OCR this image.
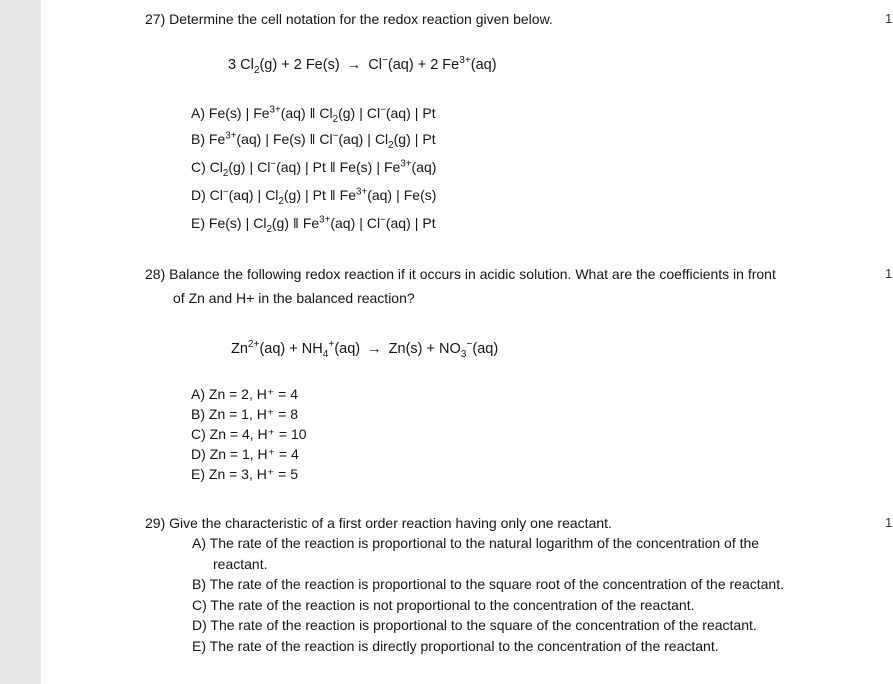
27) Determine the cell notation for the redox reaction given below.	1
3 $Cl_2(g) + 2$ Fe(s) → Cl−(aq) + 2 $Fe^{3+}(aq)$
A) Fe(s) | $Fe^{3+}(aq)$ ‖ $Cl_2(g)$ | Cl−(aq) | Pt
B) $Fe^{3+}(aq)$ | Fe(s) ‖ Cl−(aq) | $Cl_2(g)$ | Pt
C) $Cl_2(g)$ | Cl−(aq) | Pt ‖ Fe(s) | $Fe^{3+}(aq)$
D) Cl−(aq) | $Cl_2(g)$ | Pt ‖ $Fe^{3+}(aq)$ | Fe(s)
E) Fe(s) | $Cl_2(g)$ ‖ $Fe^{3+}(aq)$ | Cl−(aq) | Pt
28) Balance the following redox reaction if it occurs in acidic solution. What are the coefficients in front	1
of Zn and H+ in the balanced reaction?
$Zn^{2+}(aq) + NH_4^+(aq) \to Zn(s) + NO_3^-(aq)$
A) Zn = 2, H⁺ = 4
B) Zn = 1, H⁺ = 8
C) Zn = 4, H⁺ = 10
D) Zn = 1, H⁺ = 4
E) Zn = 3, H⁺ = 5
29) Give the characteristic of a first order reaction having only one reactant.	1
A) The rate of the reaction is proportional to the natural logarithm of the concentration of the
reactant.
B) The rate of the reaction is proportional to the square root of the concentration of the reactant.
C) The rate of the reaction is not proportional to the concentration of the reactant.
D) The rate of the reaction is proportional to the square of the concentration of the reactant.
E) The rate of the reaction is directly proportional to the concentration of the reactant.
